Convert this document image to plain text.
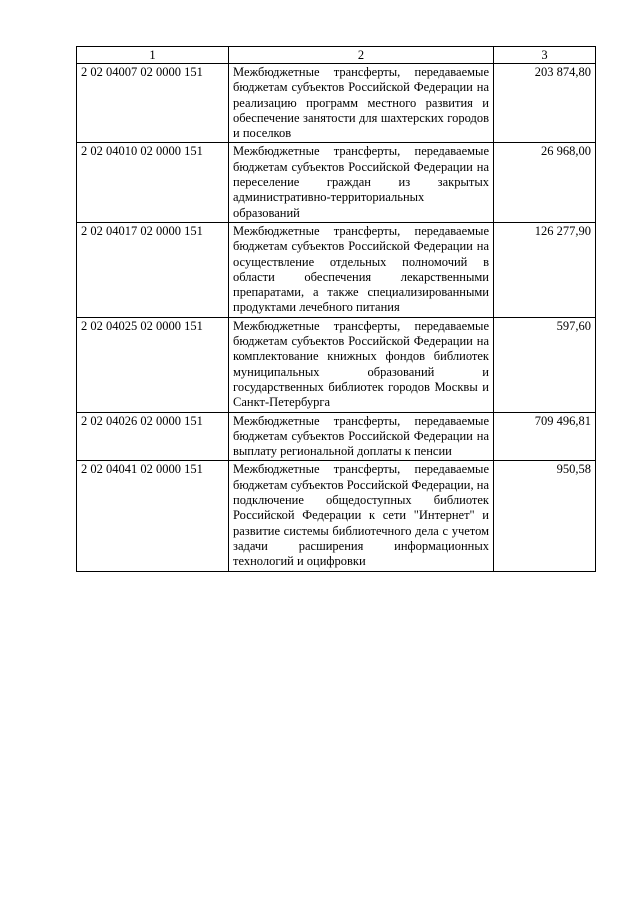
1	2	3
2 02 04007 02 0000 151	Межбюджетные трансферты, передаваемые бюджетам субъектов Российской Федерации на реализацию программ местного развития и обеспечение занятости для шахтерских городов и поселков	203 874,80
2 02 04010 02 0000 151	Межбюджетные трансферты, передаваемые бюджетам субъектов Российской Федерации на переселение граждан из закрытых административно-территориальных образований	26 968,00
2 02 04017 02 0000 151	Межбюджетные трансферты, передаваемые бюджетам субъектов Российской Федерации на осуществление отдельных полномочий в области обеспечения лекарственными препаратами, а также специализированными продуктами лечебного питания	126 277,90
2 02 04025 02 0000 151	Межбюджетные трансферты, передаваемые бюджетам субъектов Российской Федерации на комплектование книжных фондов библиотек муниципальных образований и государственных библиотек городов Москвы и Санкт-Петербурга	597,60
2 02 04026 02 0000 151	Межбюджетные трансферты, передаваемые бюджетам субъектов Российской Федерации на выплату региональной доплаты к пенсии	709 496,81
2 02 04041 02 0000 151	Межбюджетные трансферты, передаваемые бюджетам субъектов Российской Федерации, на подключение общедоступных библиотек Российской Федерации к сети "Интернет" и развитие системы библиотечного дела с учетом задачи расширения информационных технологий и оцифровки	950,58
